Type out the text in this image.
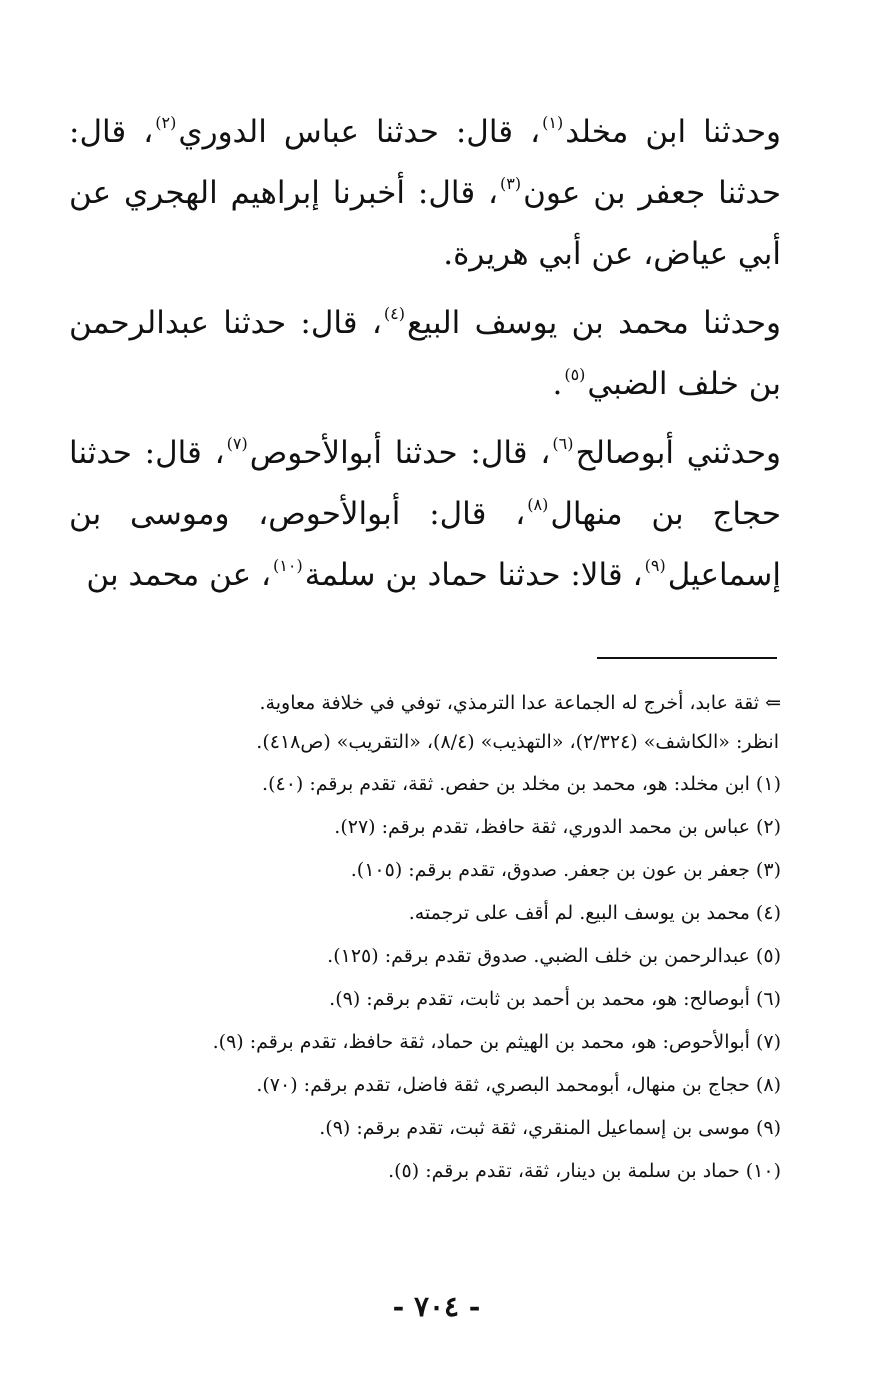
وحدثنا ابن مخلد$^{(١)}$، قال: حدثنا عباس الدوري$^{(٢)}$، قال: حدثنا جعفر بن عون$^{(٣)}$، قال: أخبرنا إبراهيم الهجري عن أبي عياض، عن أبي هريرة.

وحدثنا محمد بن يوسف البيع$^{(٤)}$، قال: حدثنا عبدالرحمن بن خلف الضبي$^{(٥)}$.

وحدثني أبوصالح$^{(٦)}$، قال: حدثنا أبوالأحوص$^{(٧)}$، قال: حدثنا حجاج بن منهال$^{(٨)}$، قال: أبوالأحوص، وموسى بن إسماعيل$^{(٩)}$، قالا: حدثنا حماد بن سلمة$^{(١٠)}$، عن محمد بن

⇐ ثقة عابد، أخرج له الجماعة عدا الترمذي، توفي في خلافة معاوية.
انظر: «الكاشف» (٢/٣٢٤)، «التهذيب» (٨/٤)، «التقريب» (ص٤١٨).
(١) ابن مخلد: هو، محمد بن مخلد بن حفص. ثقة، تقدم برقم: (٤٠).
(٢) عباس بن محمد الدوري، ثقة حافظ، تقدم برقم: (٢٧).
(٣) جعفر بن عون بن جعفر. صدوق، تقدم برقم: (١٠٥).
(٤) محمد بن يوسف البيع. لم أقف على ترجمته.
(٥) عبدالرحمن بن خلف الضبي. صدوق تقدم برقم: (١٢٥).
(٦) أبوصالح: هو، محمد بن أحمد بن ثابت، تقدم برقم: (٩).
(٧) أبوالأحوص: هو، محمد بن الهيثم بن حماد، ثقة حافظ، تقدم برقم: (٩).
(٨) حجاج بن منهال، أبومحمد البصري، ثقة فاضل، تقدم برقم: (٧٠).
(٩) موسى بن إسماعيل المنقري، ثقة ثبت، تقدم برقم: (٩).
(١٠) حماد بن سلمة بن دينار، ثقة، تقدم برقم: (٥).
- ٧٠٤ -
